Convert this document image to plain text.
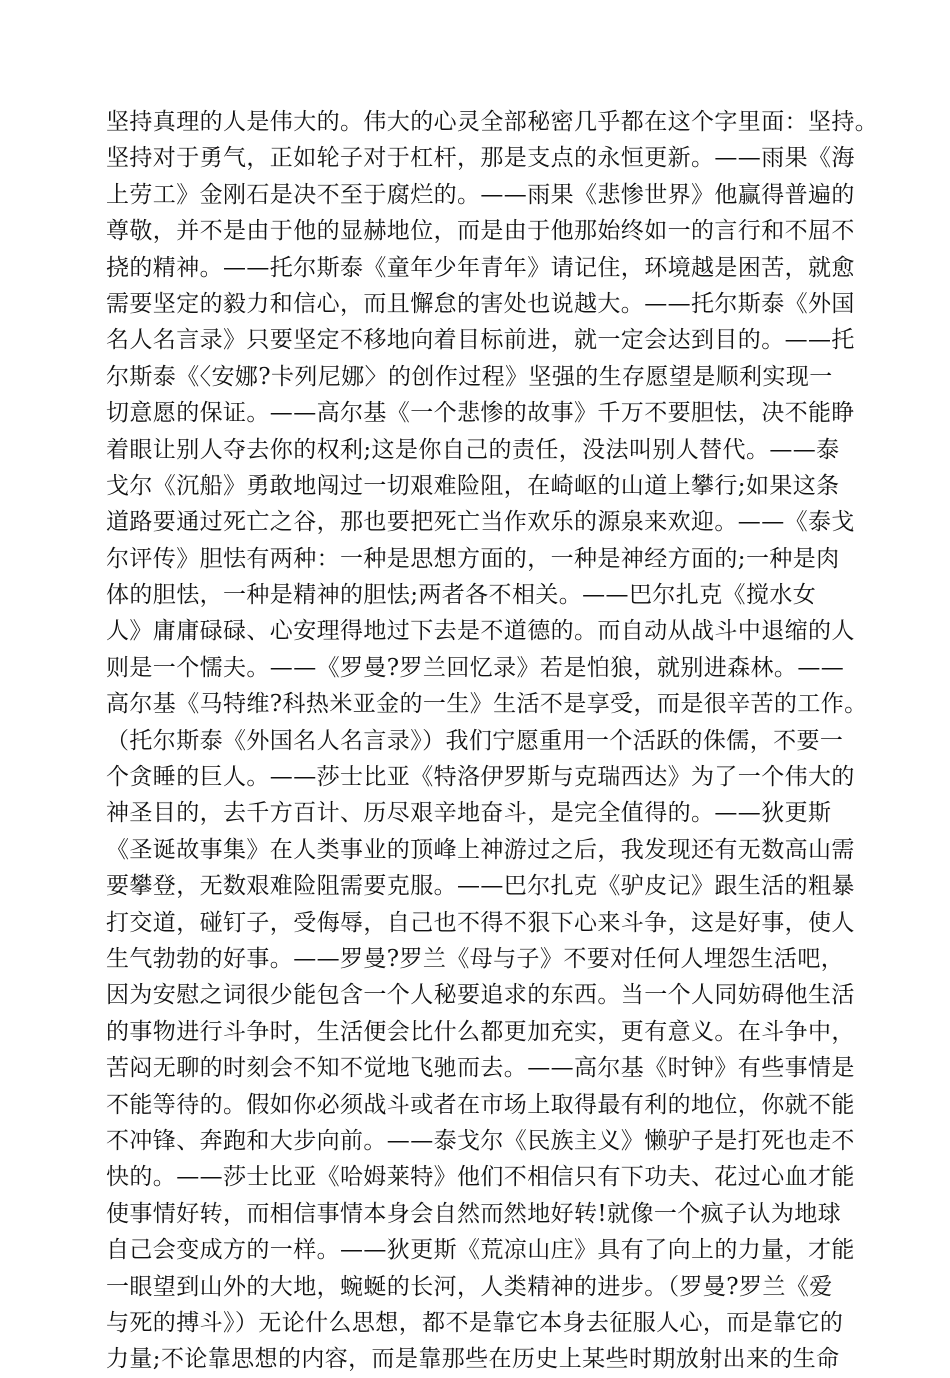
坚持真理的人是伟大的。伟大的心灵全部秘密几乎都在这个字里面：坚持。
坚持对于勇气，正如轮子对于杠杆，那是支点的永恒更新。——雨果《海
上劳工》金刚石是决不至于腐烂的。——雨果《悲惨世界》他赢得普遍的
尊敬，并不是由于他的显赫地位，而是由于他那始终如一的言行和不屈不
挠的精神。——托尔斯泰《童年少年青年》请记住，环境越是困苦，就愈
需要坚定的毅力和信心，而且懈怠的害处也说越大。——托尔斯泰《外国
名人名言录》只要坚定不移地向着目标前进，就一定会达到目的。——托
尔斯泰《〈安娜?卡列尼娜〉的创作过程》坚强的生存愿望是顺利实现一
切意愿的保证。——高尔基《一个悲惨的故事》千万不要胆怯，决不能睁
着眼让别人夺去你的权利;这是你自己的责任，没法叫别人替代。——泰
戈尔《沉船》勇敢地闯过一切艰难险阻，在崎岖的山道上攀行;如果这条
道路要通过死亡之谷，那也要把死亡当作欢乐的源泉来欢迎。——《泰戈
尔评传》胆怯有两种：一种是思想方面的，一种是神经方面的;一种是肉
体的胆怯，一种是精神的胆怯;两者各不相关。——巴尔扎克《搅水女
人》庸庸碌碌、心安理得地过下去是不道德的。而自动从战斗中退缩的人
则是一个懦夫。——《罗曼?罗兰回忆录》若是怕狼，就别进森林。——
高尔基《马特维?科热米亚金的一生》生活不是享受，而是很辛苦的工作。
（托尔斯泰《外国名人名言录》）我们宁愿重用一个活跃的侏儒，不要一
个贪睡的巨人。——莎士比亚《特洛伊罗斯与克瑞西达》为了一个伟大的
神圣目的，去千方百计、历尽艰辛地奋斗，是完全值得的。——狄更斯
《圣诞故事集》在人类事业的顶峰上神游过之后，我发现还有无数高山需
要攀登，无数艰难险阻需要克服。——巴尔扎克《驴皮记》跟生活的粗暴
打交道，碰钉子，受侮辱，自己也不得不狠下心来斗争，这是好事，使人
生气勃勃的好事。——罗曼?罗兰《母与子》不要对任何人埋怨生活吧，
因为安慰之词很少能包含一个人秘要追求的东西。当一个人同妨碍他生活
的事物进行斗争时，生活便会比什么都更加充实，更有意义。在斗争中，
苦闷无聊的时刻会不知不觉地飞驰而去。——高尔基《时钟》有些事情是
不能等待的。假如你必须战斗或者在市场上取得最有利的地位，你就不能
不冲锋、奔跑和大步向前。——泰戈尔《民族主义》懒驴子是打死也走不
快的。——莎士比亚《哈姆莱特》他们不相信只有下功夫、花过心血才能
使事情好转，而相信事情本身会自然而然地好转!就像一个疯子认为地球
自己会变成方的一样。——狄更斯《荒凉山庄》具有了向上的力量，才能
一眼望到山外的大地，蜿蜒的长河，人类精神的进步。（罗曼?罗兰《爱
与死的搏斗》）无论什么思想，都不是靠它本身去征服人心，而是靠它的
力量;不论靠思想的内容，而是靠那些在历史上某些时期放射出来的生命
